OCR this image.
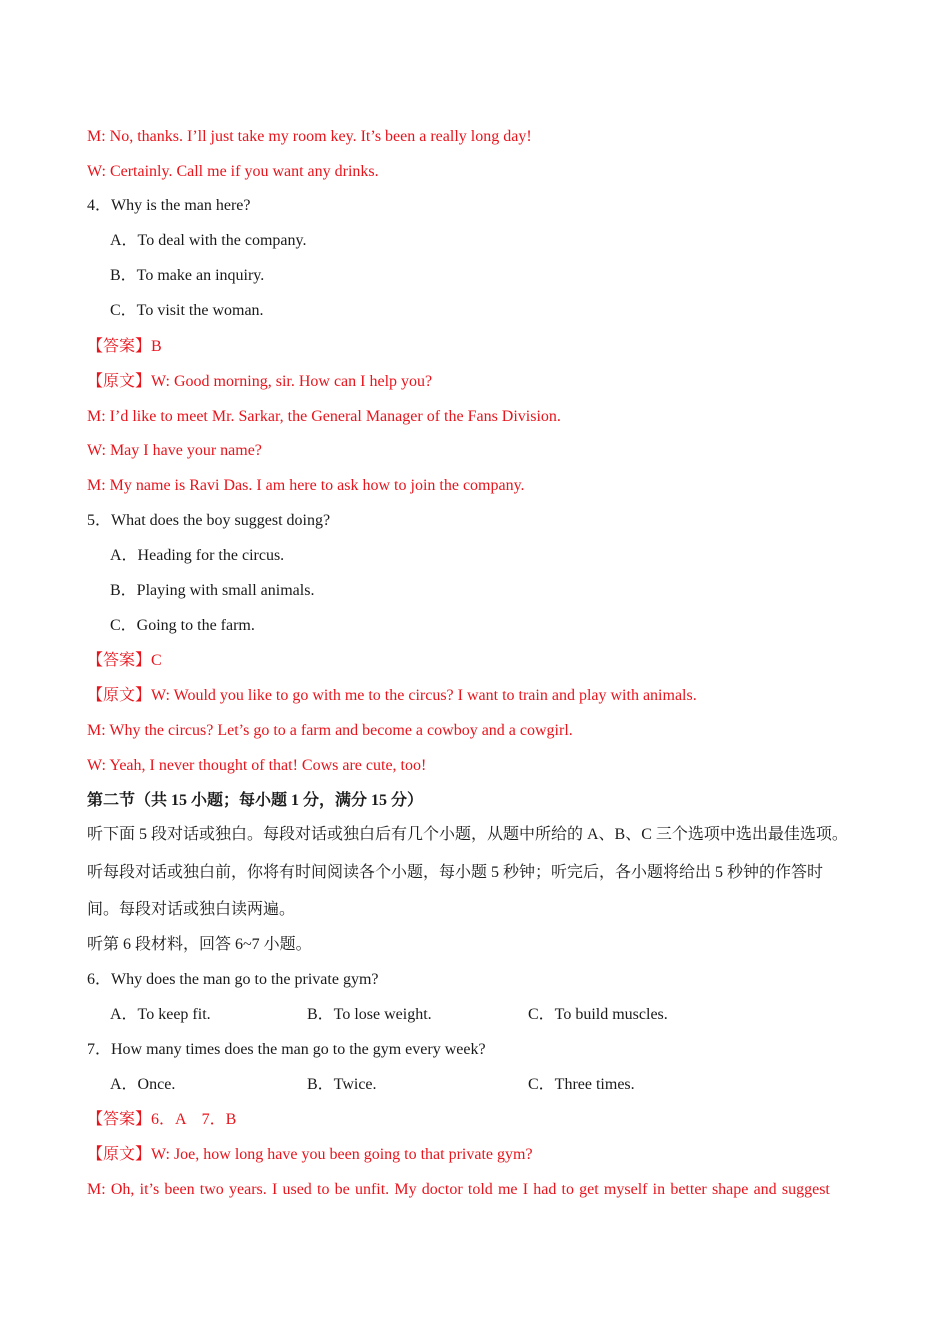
M: No, thanks. I’ll just take my room key. It’s been a really long day!
W: Certainly. Call me if you want any drinks.
4．Why is the man here?
A．To deal with the company.
B．To make an inquiry.
C．To visit the woman.
【答案】B
【原文】W: Good morning, sir. How can I help you?
M: I’d like to meet Mr. Sarkar, the General Manager of the Fans Division.
W: May I have your name?
M: My name is Ravi Das. I am here to ask how to join the company.
5．What does the boy suggest doing?
A．Heading for the circus.
B．Playing with small animals.
C．Going to the farm.
【答案】C
【原文】W: Would you like to go with me to the circus? I want to train and play with animals.
M: Why the circus? Let’s go to a farm and become a cowboy and a cowgirl.
W: Yeah, I never thought of that! Cows are cute, too!
第二节（共 15 小题；每小题 1 分，满分 15 分）
听下面 5 段对话或独白。每段对话或独白后有几个小题，从题中所给的 A、B、C 三个选项中选出最佳选项。
听每段对话或独白前，你将有时间阅读各个小题，每小题 5 秒钟；听完后，各小题将给出 5 秒钟的作答时
间。每段对话或独白读两遍。
听第 6 段材料，回答 6~7 小题。
6．Why does the man go to the private gym?
A．To keep fit.	B．To lose weight.	C．To build muscles.
7．How many times does the man go to the gym every week?
A．Once.	B．Twice.	C．Three times.
【答案】6．A　7．B
【原文】W: Joe, how long have you been going to that private gym?
M: Oh, it’s been two years. I used to be unfit. My doctor told me I had to get myself in better shape and suggest
